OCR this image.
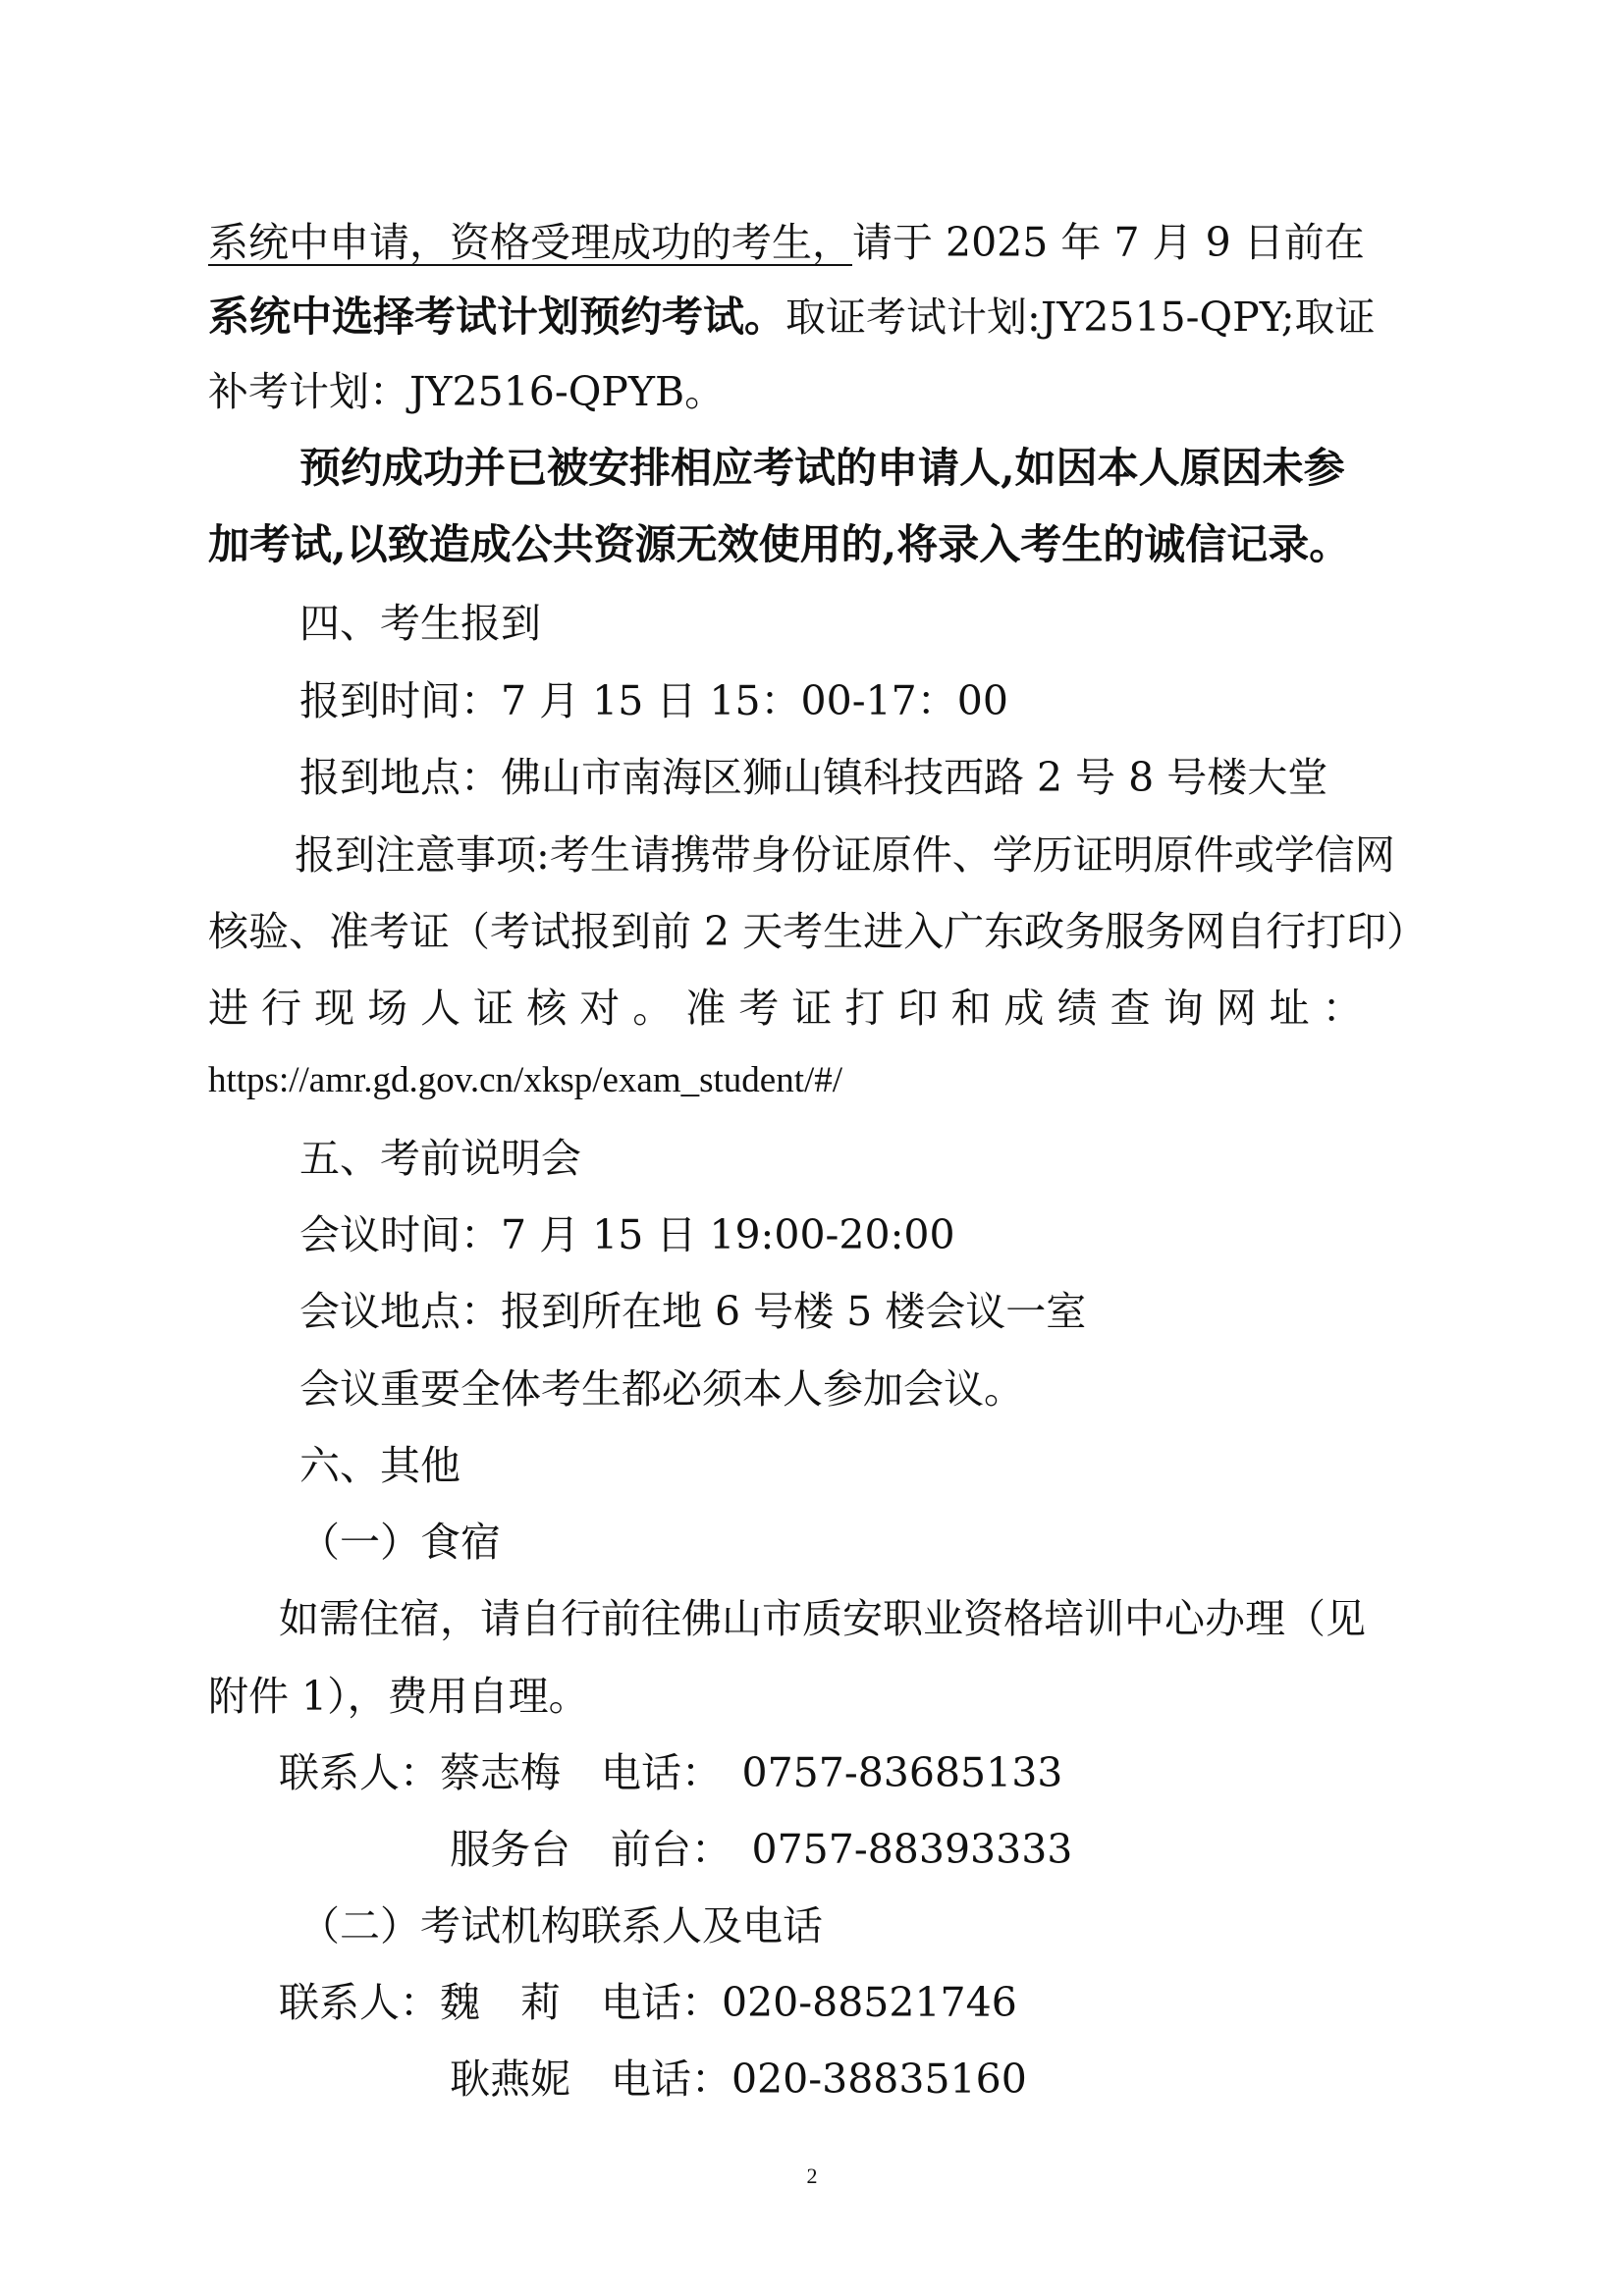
系统中申请，资格受理成功的考生，请于 2025 年 7 月 9 日前在
系统中选择考试计划预约考试。取证考试计划:JY2515-QPY;取证
补考计划：JY2516-QPYB。
预约成功并已被安排相应考试的申请人,如因本人原因未参
加考试,以致造成公共资源无效使用的,将录入考生的诚信记录。
四、考生报到
报到时间：7 月 15 日 15：00-17：00
报到地点：佛山市南海区狮山镇科技西路 2 号 8 号楼大堂
报到注意事项:考生请携带身份证原件、学历证明原件或学信网
核验、准考证（考试报到前 2 天考生进入广东政务服务网自行打印）
进 行 现 场 人 证 核 对 。 准 考 证 打 印 和 成 绩 查 询 网 址 ：
https://amr.gd.gov.cn/xksp/exam_student/#/
五、考前说明会
会议时间：7 月 15 日 19:00-20:00
会议地点：报到所在地 6 号楼 5 楼会议一室
会议重要全体考生都必须本人参加会议。
六、其他
（一）食宿
如需住宿，请自行前往佛山市质安职业资格培训中心办理（见
附件 1），费用自理。
联系人：蔡志梅　电话：　0757-83685133
服务台　前台：　0757-88393333
（二）考试机构联系人及电话
联系人：魏　莉　电话：020-88521746
耿燕妮　电话：020-38835160
2
